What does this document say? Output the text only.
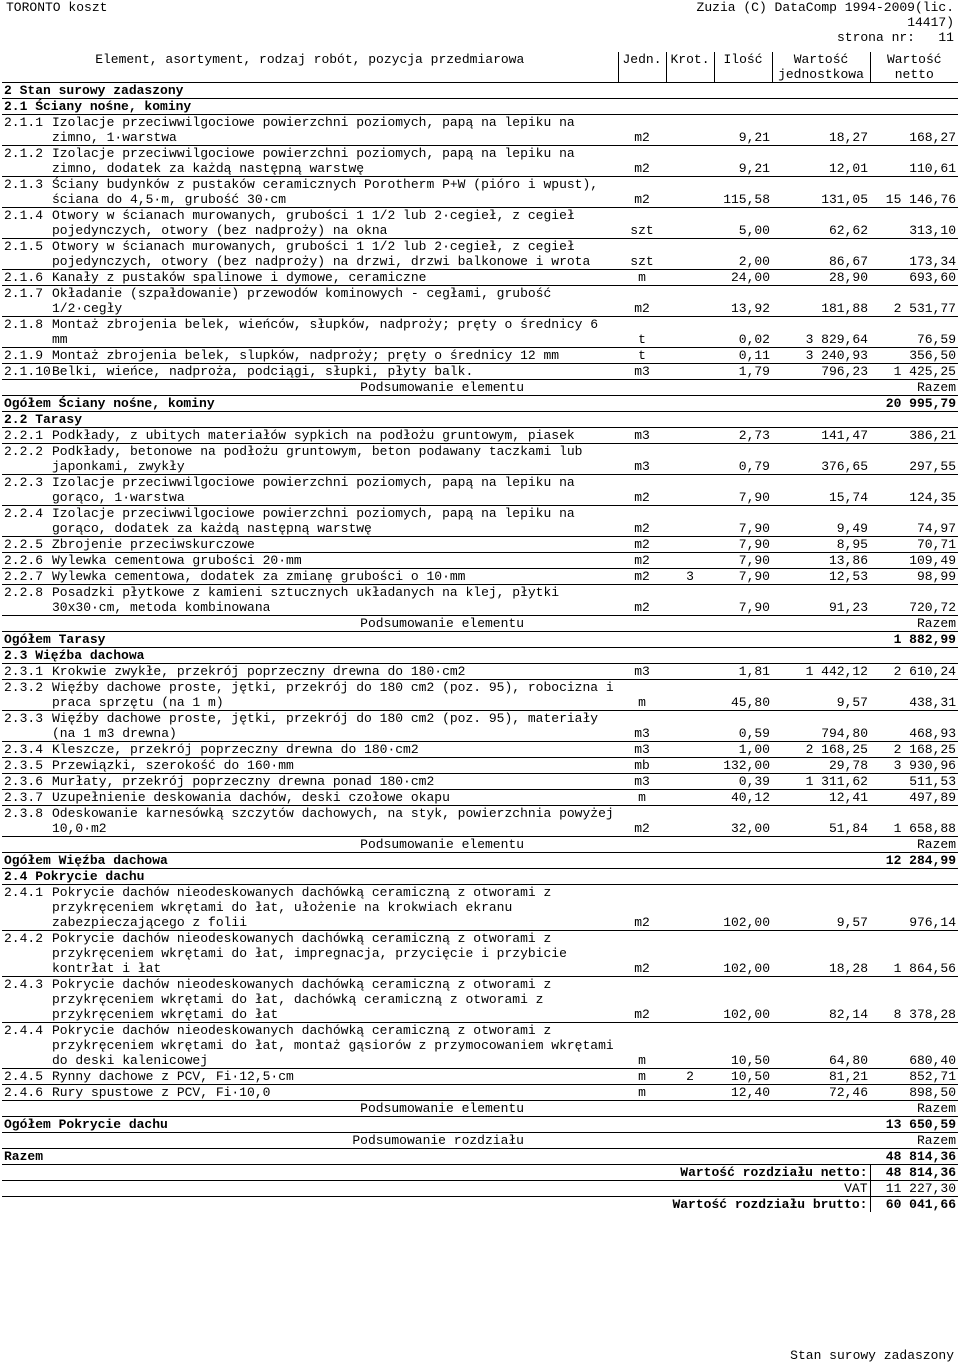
TORONTO koszt	Zuzia (C) DataComp 1994-2009(lic.
14417)
strona nr:   11
Element, asortyment, rodzaj robót, pozycja przedmiarowa	Jedn.	Krot.	Ilość	Wartość jednostkowa	Wartość netto
2 Stan surowy zadaszony					
2.1 Ściany nośne, kominy					

2.1.1 Izolacje przeciwwilgociowe powierzchni poziomych, papą na lepiku na zimno, 1·warstwa	m2		9,21	18,27	168,27

2.1.2 Izolacje przeciwwilgociowe powierzchni poziomych, papą na lepiku na zimno, dodatek za każdą następną warstwę	m2		9,21	12,01	110,61

2.1.3 Ściany budynków z pustaków ceramicznych Porotherm P+W (pióro i wpust), ściana do 4,5·m, grubość 30·cm	m2		115,58	131,05	15 146,76

2.1.4 Otwory w ścianach murowanych, grubości 1 1/2 lub 2·cegieł, z cegieł pojedynczych, otwory (bez nadproży) na okna	szt		5,00	62,62	313,10

2.1.5 Otwory w ścianach murowanych, grubości 1 1/2 lub 2·cegieł, z cegieł pojedynczych, otwory (bez nadproży) na drzwi, drzwi balkonowe i wrota	szt		2,00	86,67	173,34

2.1.6 Kanały z pustaków spalinowe i dymowe, ceramiczne	m		24,00	28,90	693,60

2.1.7 Okładanie (szpałdowanie) przewodów kominowych - cegłami, grubość 1/2·cegły	m2		13,92	181,88	2 531,77

2.1.8 Montaż zbrojenia belek, wieńców, słupków, nadproży; pręty o średnicy 6 mm	t		0,02	3 829,64	76,59

2.1.9 Montaż zbrojenia belek, slupków, nadproży; pręty o średnicy 12 mm	t		0,11	3 240,93	356,50

2.1.10 Belki, wieńce, nadproża, podciągi, słupki, płyty balk.	m3		1,79	796,23	1 425,25
Podsumowanie elementu					Razem
Ogółem Ściany nośne, kominy					20 995,79
2.2 Tarasy					

2.2.1 Podkłady, z ubitych materiałów sypkich na podłożu gruntowym, piasek	m3		2,73	141,47	386,21

2.2.2 Podkłady, betonowe na podłożu gruntowym, beton podawany taczkami lub japonkami, zwykły	m3		0,79	376,65	297,55

2.2.3 Izolacje przeciwwilgociowe powierzchni poziomych, papą na lepiku na gorąco, 1·warstwa	m2		7,90	15,74	124,35

2.2.4 Izolacje przeciwwilgociowe powierzchni poziomych, papą na lepiku na gorąco, dodatek za każdą następną warstwę	m2		7,90	9,49	74,97

2.2.5 Zbrojenie przeciwskurczowe	m2		7,90	8,95	70,71

2.2.6 Wylewka cementowa grubości 20·mm	m2		7,90	13,86	109,49

2.2.7 Wylewka cementowa, dodatek za zmianę grubości o 10·mm	m2	3	7,90	12,53	98,99

2.2.8 Posadzki płytkowe z kamieni sztucznych układanych na klej, płytki 30x30·cm, metoda kombinowana	m2		7,90	91,23	720,72
Podsumowanie elementu					Razem
Ogółem Tarasy					1 882,99
2.3 Więźba dachowa					

2.3.1 Krokwie zwykłe, przekrój poprzeczny drewna do 180·cm2	m3		1,81	1 442,12	2 610,24

2.3.2 Więźby dachowe proste, jętki, przekrój do 180 cm2 (poz. 95), robocizna i praca sprzętu (na 1 m)	m		45,80	9,57	438,31

2.3.3 Więźby dachowe proste, jętki, przekrój do 180 cm2 (poz. 95), materiały (na 1 m3 drewna)	m3		0,59	794,80	468,93

2.3.4 Kleszcze, przekrój poprzeczny drewna do 180·cm2	m3		1,00	2 168,25	2 168,25

2.3.5 Przewiązki, szerokość do 160·mm	mb		132,00	29,78	3 930,96

2.3.6 Murłaty, przekrój poprzeczny drewna ponad 180·cm2	m3		0,39	1 311,62	511,53

2.3.7 Uzupełnienie deskowania dachów, deski czołowe okapu	m		40,12	12,41	497,89

2.3.8 Odeskowanie karnesówką szczytów dachowych, na styk, powierzchnia powyżej 10,0·m2	m2		32,00	51,84	1 658,88
Podsumowanie elementu					Razem
Ogółem Więźba dachowa					12 284,99
2.4 Pokrycie dachu					

2.4.1 Pokrycie dachów nieodeskowanych dachówką ceramiczną z otworami z przykręceniem wkrętami do łat, ułożenie na krokwiach ekranu zabezpieczającego z folii	m2		102,00	9,57	976,14

2.4.2 Pokrycie dachów nieodeskowanych dachówką ceramiczną z otworami z przykręceniem wkrętami do łat, impregnacja, przycięcie i przybicie kontrłat i łat	m2		102,00	18,28	1 864,56

2.4.3 Pokrycie dachów nieodeskowanych dachówką ceramiczną z otworami z przykręceniem wkrętami do łat, dachówką ceramiczną z otworami z przykręceniem wkrętami do łat	m2		102,00	82,14	8 378,28

2.4.4 Pokrycie dachów nieodeskowanych dachówką ceramiczną z otworami z przykręceniem wkrętami do łat, montaż gąsiorów z przymocowaniem wkrętami do deski kalenicowej	m		10,50	64,80	680,40

2.4.5 Rynny dachowe z PCV, Fi·12,5·cm	m	2	10,50	81,21	852,71

2.4.6 Rury spustowe z PCV, Fi·10,0	m		12,40	72,46	898,50
Podsumowanie elementu					Razem
Ogółem Pokrycie dachu					13 650,59
Podsumowanie rozdziału					Razem
Razem					48 814,36
Wartość rozdziału netto:					48 814,36
VAT					11 227,30
Wartość rozdziału brutto:					60 041,66
Stan surowy zadaszony
